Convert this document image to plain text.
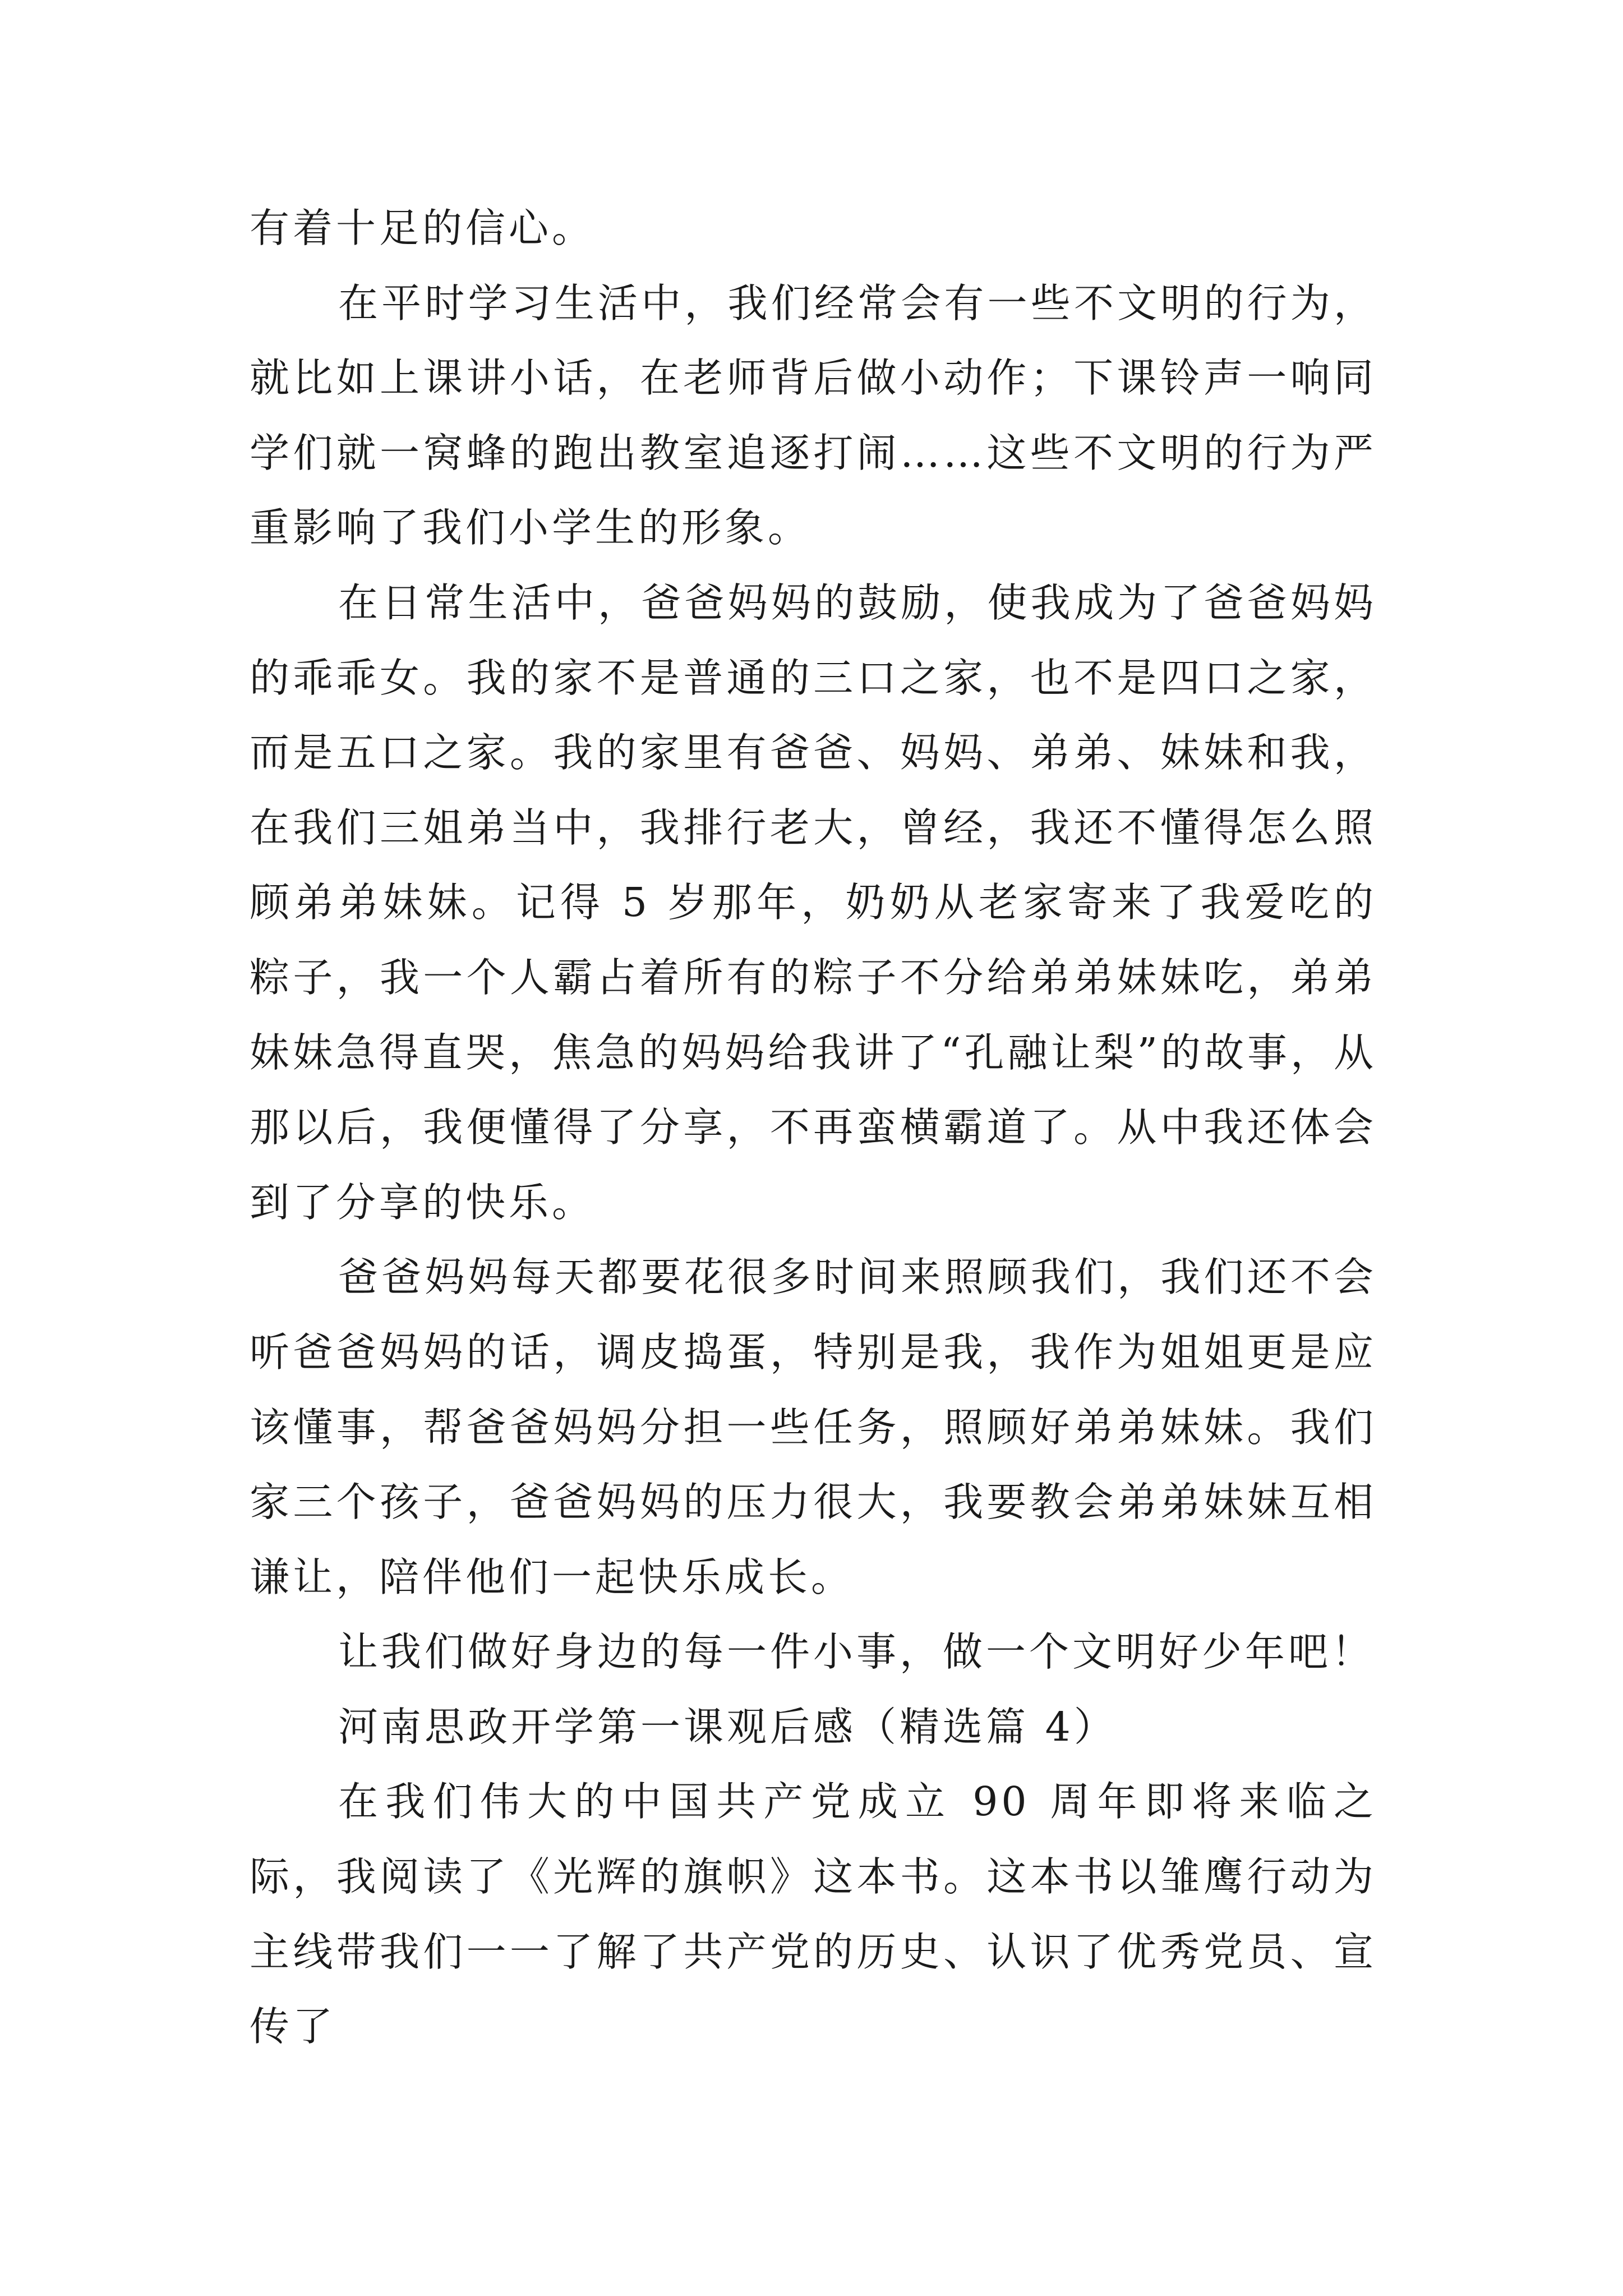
有着十足的信心。

在平时学习生活中，我们经常会有一些不文明的行为，就比如上课讲小话，在老师背后做小动作；下课铃声一响同学们就一窝蜂的跑出教室追逐打闹……这些不文明的行为严重影响了我们小学生的形象。

在日常生活中，爸爸妈妈的鼓励，使我成为了爸爸妈妈的乖乖女。我的家不是普通的三口之家，也不是四口之家，而是五口之家。我的家里有爸爸、妈妈、弟弟、妹妹和我，在我们三姐弟当中，我排行老大，曾经，我还不懂得怎么照顾弟弟妹妹。记得 5 岁那年，奶奶从老家寄来了我爱吃的粽子，我一个人霸占着所有的粽子不分给弟弟妹妹吃，弟弟妹妹急得直哭，焦急的妈妈给我讲了“孔融让梨”的故事，从那以后，我便懂得了分享，不再蛮横霸道了。从中我还体会到了分享的快乐。

爸爸妈妈每天都要花很多时间来照顾我们，我们还不会听爸爸妈妈的话，调皮捣蛋，特别是我，我作为姐姐更是应该懂事，帮爸爸妈妈分担一些任务，照顾好弟弟妹妹。我们家三个孩子，爸爸妈妈的压力很大，我要教会弟弟妹妹互相谦让，陪伴他们一起快乐成长。

让我们做好身边的每一件小事，做一个文明好少年吧！

河南思政开学第一课观后感（精选篇 4）

在我们伟大的中国共产党成立 90 周年即将来临之际，我阅读了《光辉的旗帜》这本书。这本书以雏鹰行动为主线带我们一一了解了共产党的历史、认识了优秀党员、宣传了
